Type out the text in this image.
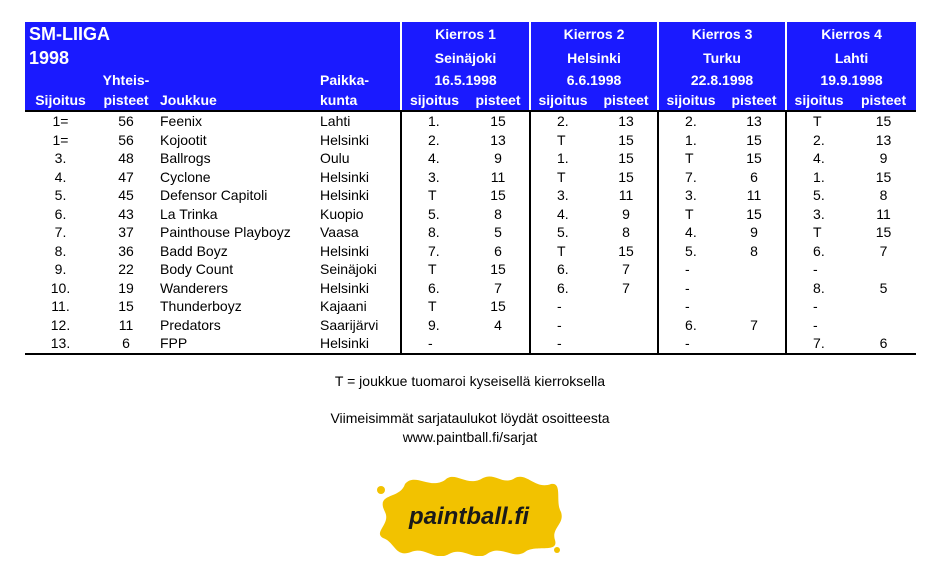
SM-LIIGA				Kierros 1		Kierros 2		Kierros 3		Kierros 4	
1998				Seinäjoki		Helsinki		Turku		Lahti	
	Yhteis-		Paikka-	16.5.1998		6.6.1998		22.8.1998		19.9.1998	
Sijoitus	pisteet	Joukkue	kunta	sijoitus	pisteet	sijoitus	pisteet	sijoitus	pisteet	sijoitus	pisteet
1=	56	Feenix	Lahti	1.	15	2.	13	2.	13	T	15
1=	56	Kojootit	Helsinki	2.	13	T	15	1.	15	2.	13
3.	48	Ballrogs	Oulu	4.	9	1.	15	T	15	4.	9
4.	47	Cyclone	Helsinki	3.	11	T	15	7.	6	1.	15
5.	45	Defensor Capitoli	Helsinki	T	15	3.	11	3.	11	5.	8
6.	43	La Trinka	Kuopio	5.	8	4.	9	T	15	3.	11
7.	37	Painthouse Playboyz	Vaasa	8.	5	5.	8	4.	9	T	15
8.	36	Badd Boyz	Helsinki	7.	6	T	15	5.	8	6.	7
9.	22	Body Count	Seinäjoki	T	15	6.	7	-		-	
10.	19	Wanderers	Helsinki	6.	7	6.	7	-		8.	5
11.	15	Thunderboyz	Kajaani	T	15	-		-		-	
12.	11	Predators	Saarijärvi	9.	4	-		6.	7	-	
13.	6	FPP	Helsinki	-		-		-		7.	6
T = joukkue tuomaroi kyseisellä kierroksella
Viimeisimmät sarjataulukot löydät osoitteesta
www.paintball.fi/sarjat
paintball.fi
